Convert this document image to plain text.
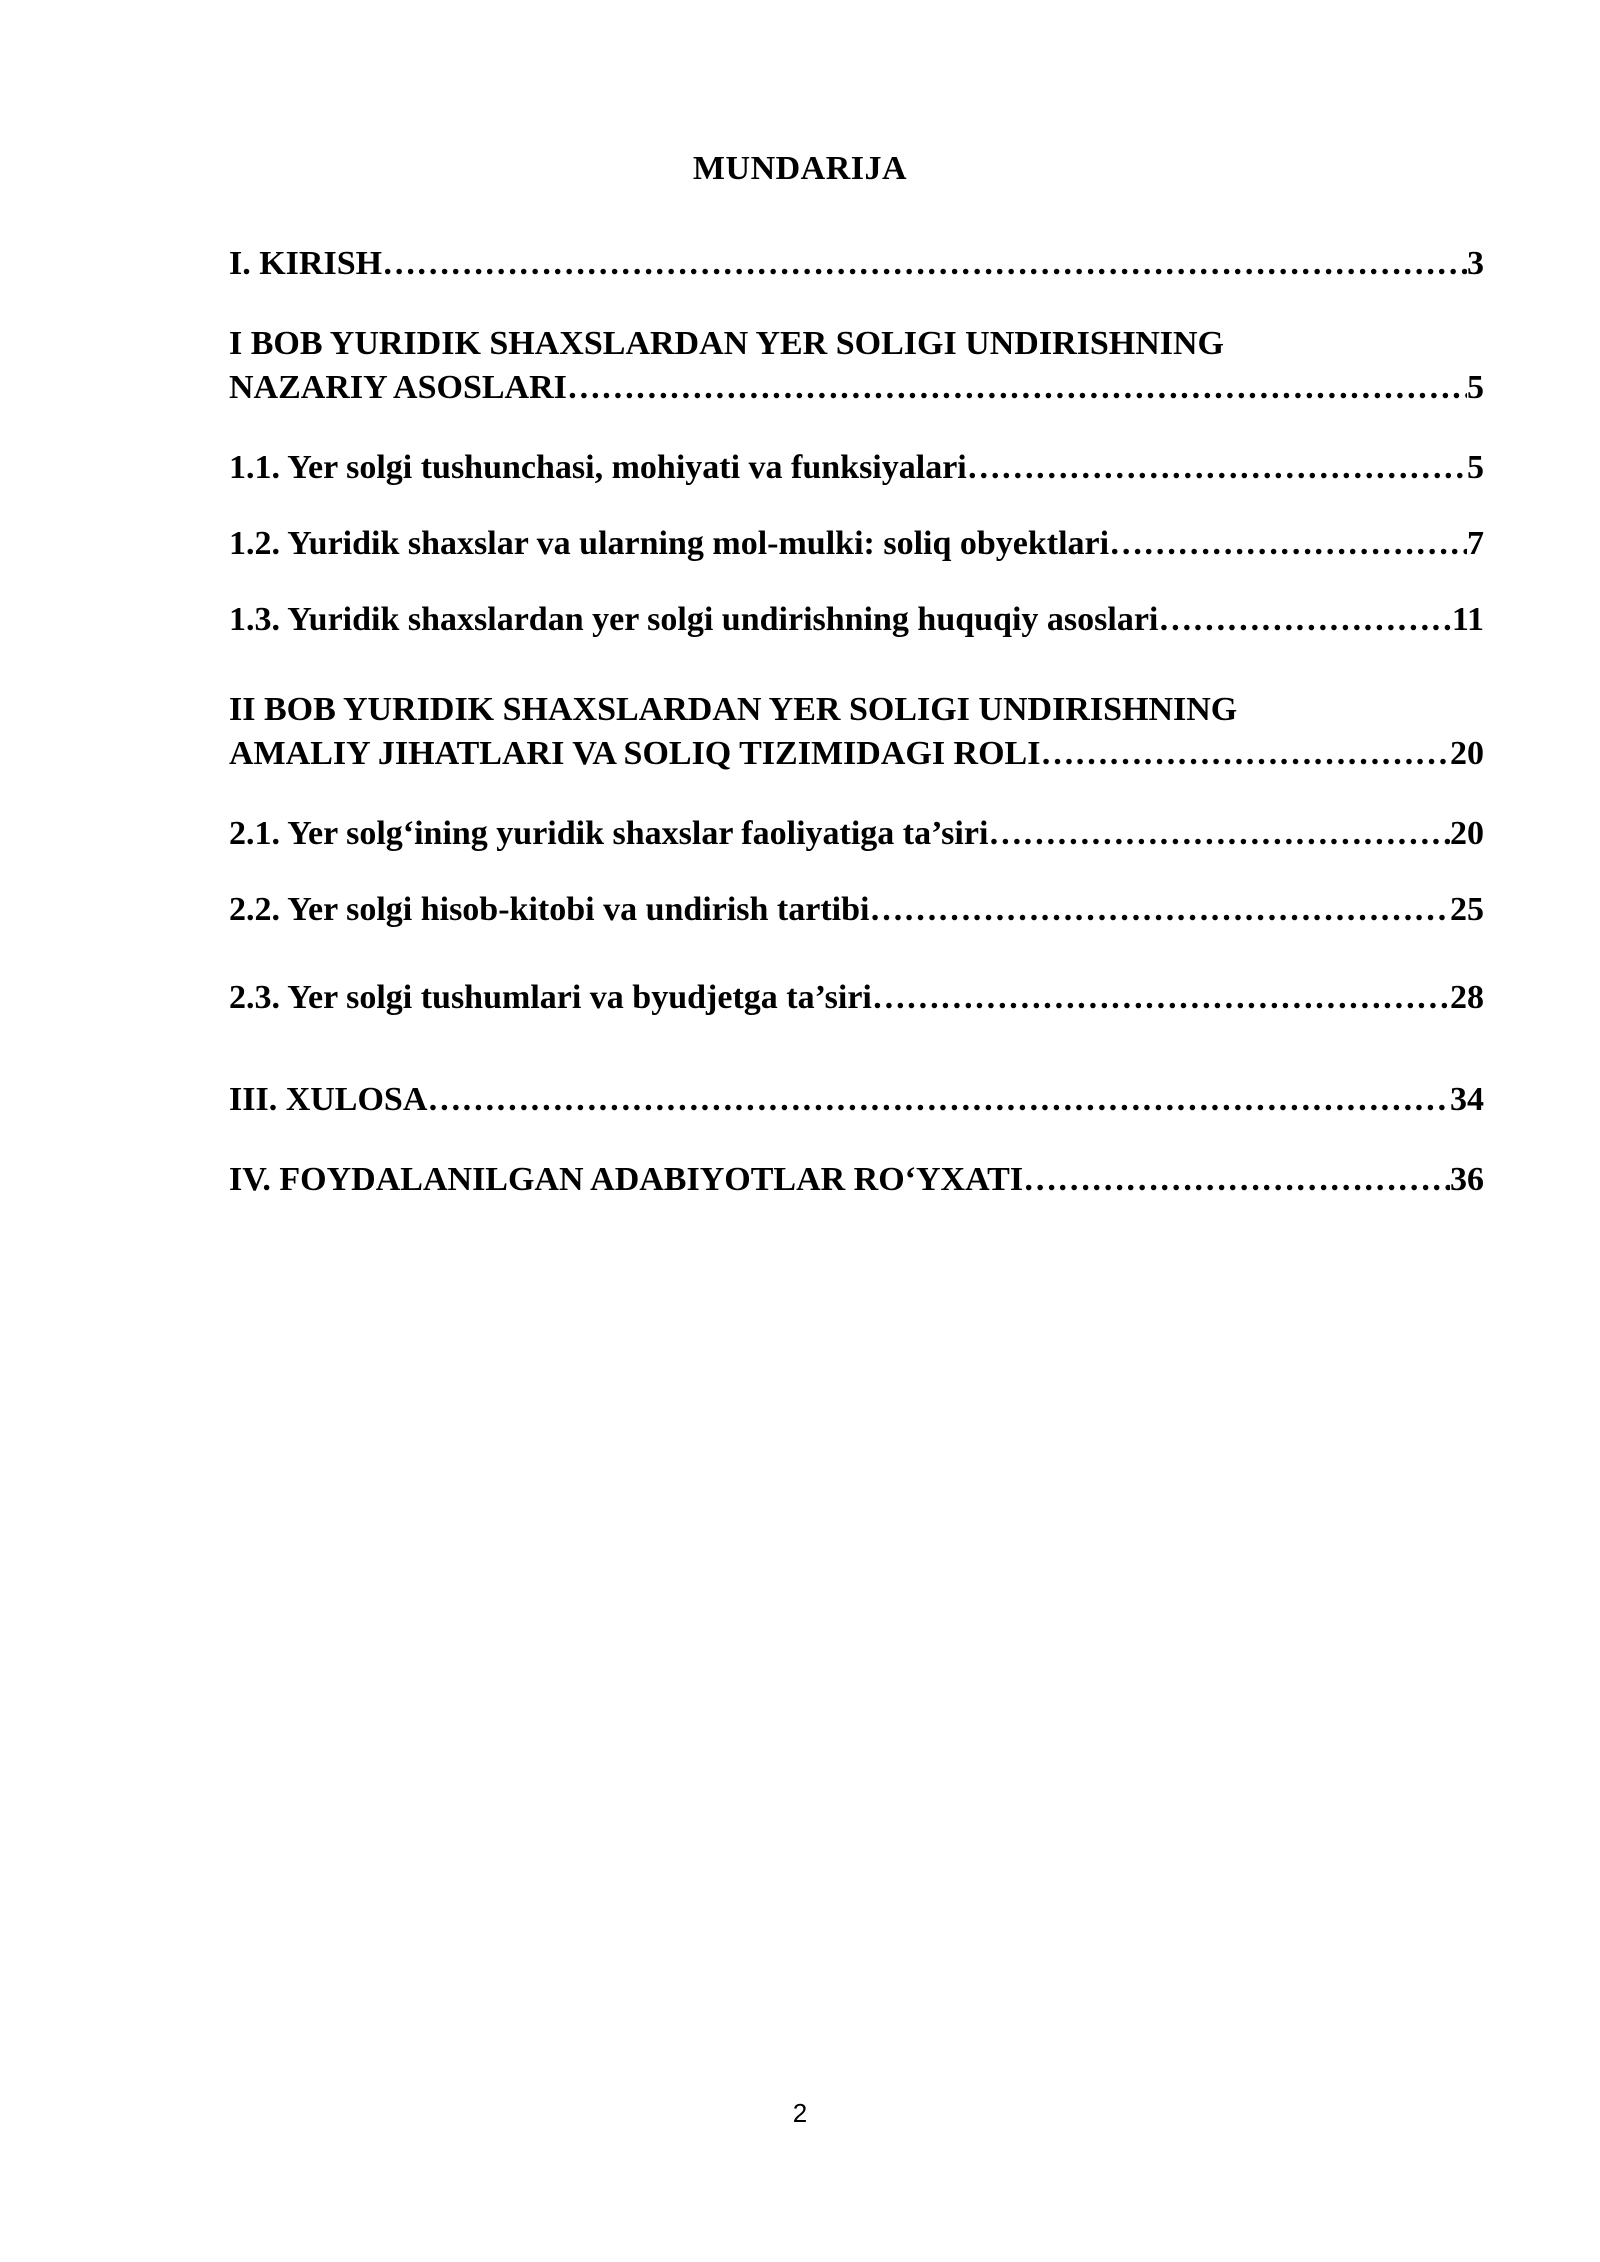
MUNDARIJA
I. KIRISH ……………………………………………………………………………………………………………………………………………………………………	3
I BOB YURIDIK SHAXSLARDAN YER SOLIGI UNDIRISHNING
NAZARIY ASOSLARI ……………………………………………………………………………………………………………………………………………………………………	5
1.1. Yer solgi tushunchasi, mohiyati va funksiyalari ……………………………………………………………………………………………………………………………………………………………………	5
1.2. Yuridik shaxslar va ularning mol-mulki: soliq obyektlari ……………………………………………………………………………………………………………………………………………………………………	7
1.3. Yuridik shaxslardan yer solgi undirishning huquqiy asoslari ……………………………………………………………………………………………………………………………………………………………………	11
II BOB YURIDIK SHAXSLARDAN YER SOLIGI UNDIRISHNING
AMALIY JIHATLARI VA SOLIQ TIZIMIDAGI ROLI ……………………………………………………………………………………………………………………………………………………………………	20
2.1. Yer solg‘ining yuridik shaxslar faoliyatiga ta’siri ……………………………………………………………………………………………………………………………………………………………………	20
2.2. Yer solgi hisob-kitobi va undirish tartibi ……………………………………………………………………………………………………………………………………………………………………	25
2.3. Yer solgi tushumlari va byudjetga ta’siri ……………………………………………………………………………………………………………………………………………………………………	28
III. XULOSA ……………………………………………………………………………………………………………………………………………………………………	34
IV. FOYDALANILGAN ADABIYOTLAR RO‘YXATI ……………………………………………………………………………………………………………………………………………………………………	36
2
